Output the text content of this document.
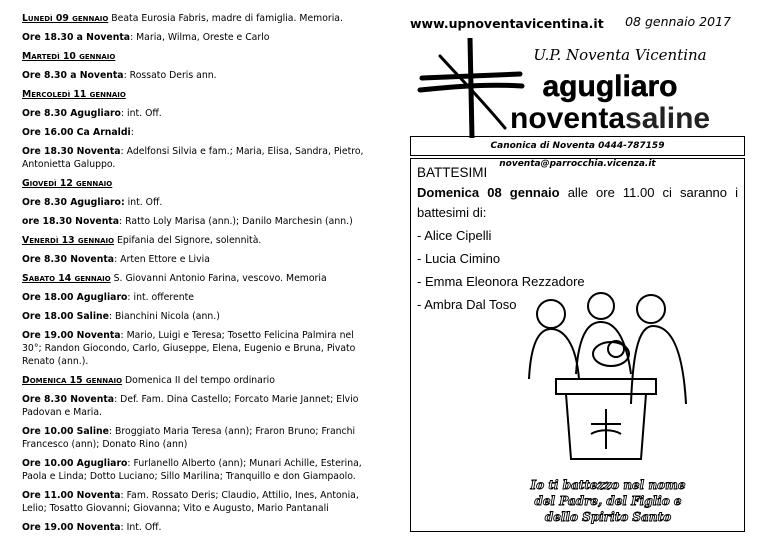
Lunedì 09 gennaio Beata Eurosia Fabris, madre di famiglia. Memoria.
Ore 18.30 a Noventa: Maria, Wilma, Oreste e Carlo
Martedì 10 gennaio
Ore 8.30 a Noventa: Rossato Deris ann.
Mercoledì 11 gennaio
Ore 8.30 Agugliaro: int. Off.
Ore 16.00 Ca Arnaldi:
Ore 18.30 Noventa: Adelfonsi Silvia e fam.; Maria, Elisa, Sandra, Pietro, Antonietta Galuppo.
Giovedì 12 gennaio
Ore 8.30 Agugliaro: int. Off.
ore 18.30 Noventa: Ratto Loly Marisa (ann.); Danilo Marchesin (ann.)
Venerdì 13 gennaio Epifania del Signore, solennità.
Ore 8.30 Noventa: Arten Ettore e Livia
Sabato 14 gennaio S. Giovanni Antonio Farina, vescovo. Memoria
Ore 18.00 Agugliaro: int. offerente
Ore 18.00 Saline: Bianchini Nicola (ann.)
Ore 19.00 Noventa: Mario, Luigi e Teresa; Tosetto Felicina Palmira nel 30°; Randon Giocondo, Carlo, Giuseppe, Elena, Eugenio e Bruna, Pivato Renato (ann.).
Domenica 15 gennaio Domenica II del tempo ordinario
Ore 8.30 Noventa: Def. Fam. Dina Castello; Forcato Marie Jannet; Elvio Padovan e Maria.
Ore 10.00 Saline: Broggiato Maria Teresa (ann); Fraron Bruno; Franchi Francesco (ann); Donato Rino (ann)
Ore 10.00 Agugliaro: Furlanello Alberto (ann); Munari Achille, Esterina, Paola e Linda; Dotto Luciano; Sillo Marilina; Tranquillo e don Giampaolo.
Ore 11.00 Noventa: Fam. Rossato Deris; Claudio, Attilio, Ines, Antonia, Lelio; Tosatto Giovanni; Giovanna; Vito e Augusto, Mario Pantanali
Ore 19.00 Noventa: Int. Off.
www.upnoventavicentina.it 08 gennaio 2017
U.P. Noventa Vicentina
agugliaro
noventasaline
Canonica di Noventa 0444-787159 noventa@parrocchia.vicenza.it
BATTESIMI
Domenica 08 gennaio alle ore 11.00 ci saranno i battesimi di:
- Alice Cipelli
- Lucia Cimino
- Emma Eleonora Rezzadore
- Ambra Dal Toso
Io ti battezzo nel nome
del Padre, del Figlio e
dello Spirito Santo
